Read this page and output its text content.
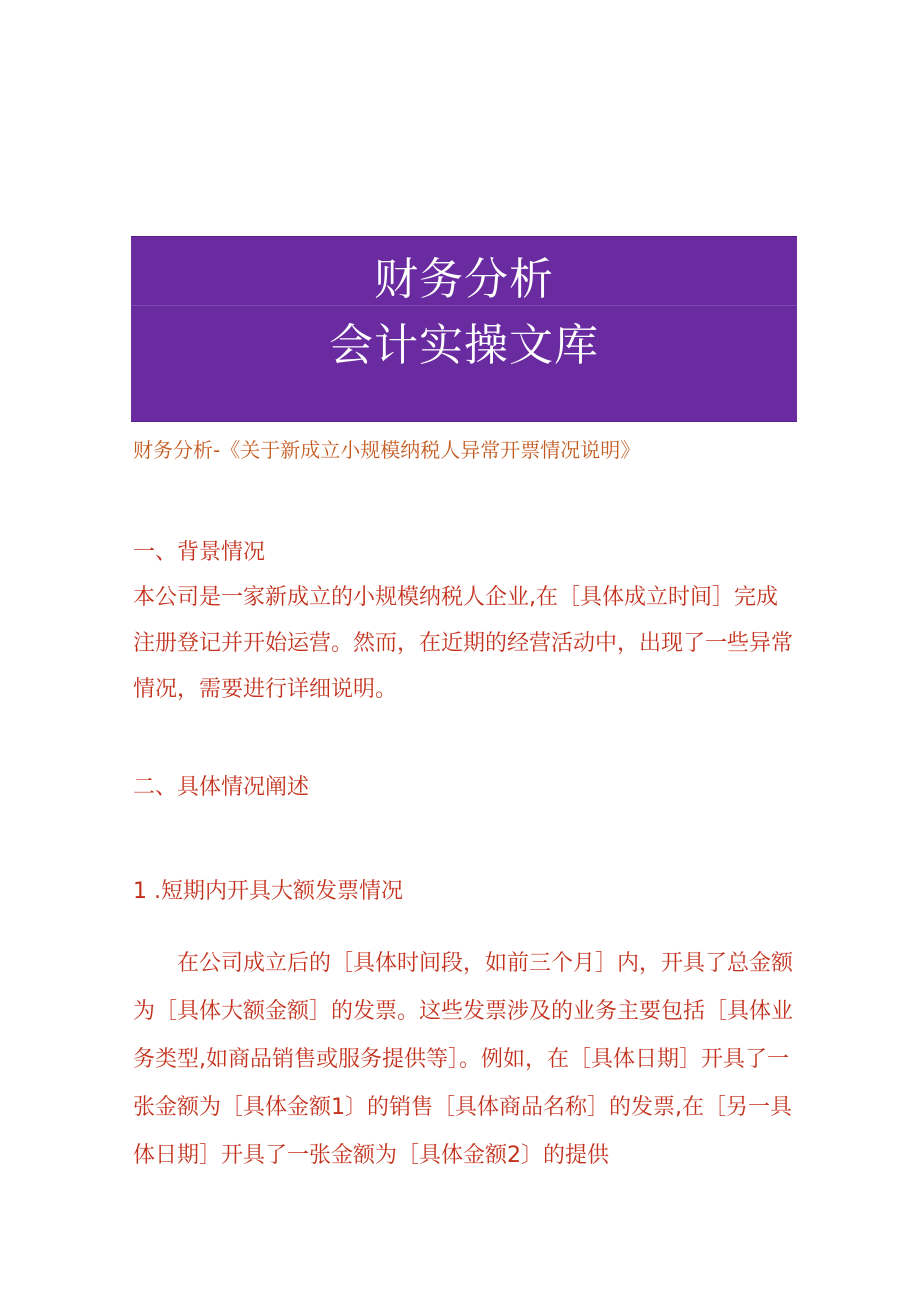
财务分析
会计实操文库
财务分析-《关于新成立小规模纳税人异常开票情况说明》
一、背景情况
本公司是一家新成立的小规模纳税人企业,在［具体成立时间］完成注册登记并开始运营。然而，在近期的经营活动中，出现了一些异常情况，需要进行详细说明。
二、具体情况阐述
1 .短期内开具大额发票情况
在公司成立后的［具体时间段，如前三个月］内，开具了总金额为［具体大额金额］的发票。这些发票涉及的业务主要包括［具体业务类型,如商品销售或服务提供等］。例如，在［具体日期］开具了一张金额为［具体金额1〕的销售［具体商品名称］的发票,在［另一具体日期］开具了一张金额为［具体金额2〕的提供
